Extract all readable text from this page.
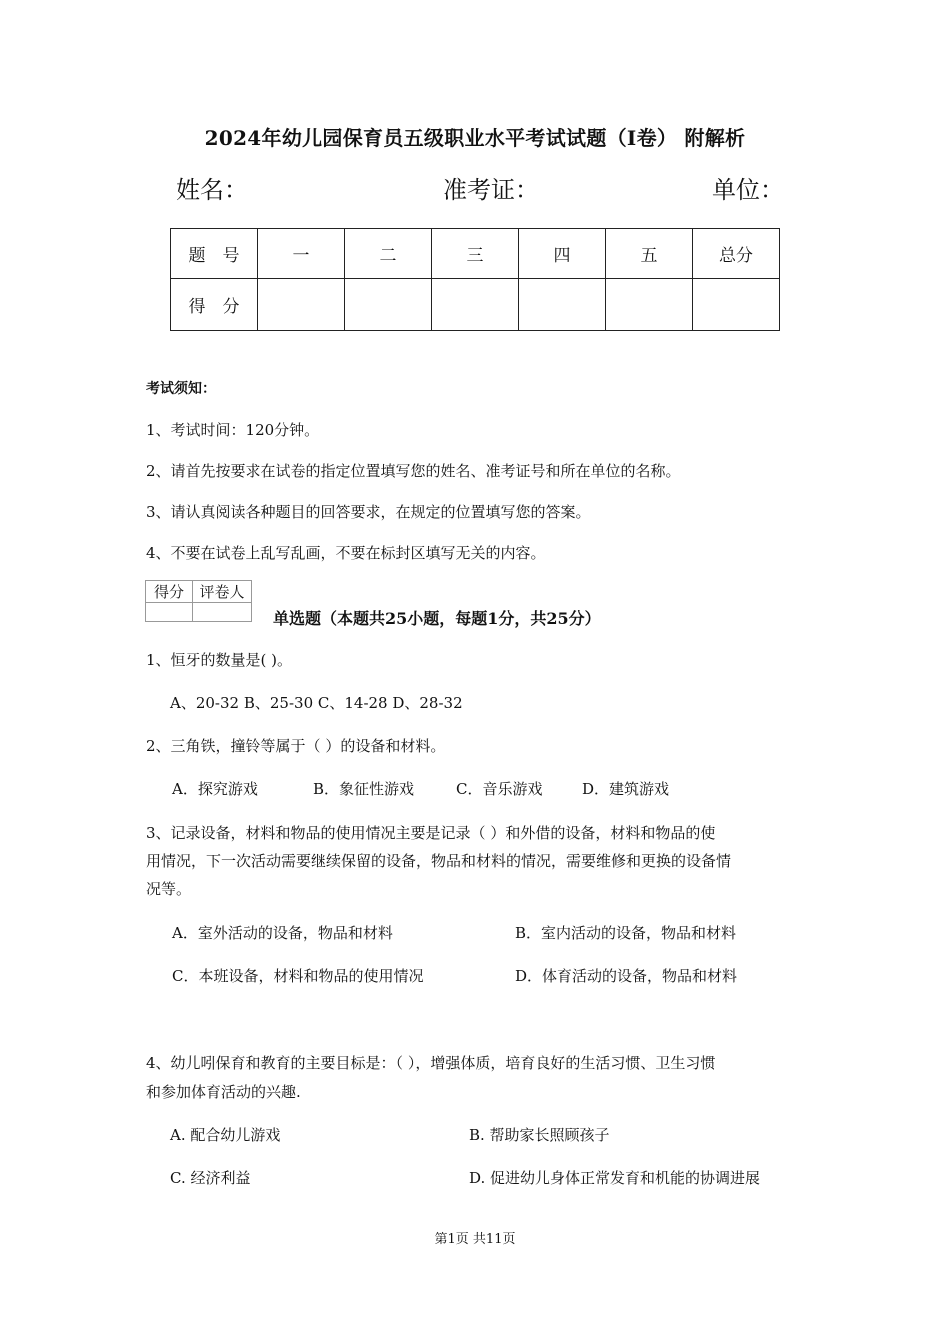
2024年幼儿园保育员五级职业水平考试试题（I卷） 附解析
姓名：	准考证：	单位：
题　号	一	二	三	四	五	总分
得　分						
考试须知：
1、考试时间：120分钟。
2、请首先按要求在试卷的指定位置填写您的姓名、准考证号和所在单位的名称。
3、请认真阅读各种题目的回答要求，在规定的位置填写您的答案。
4、不要在试卷上乱写乱画，不要在标封区填写无关的内容。
得分	评卷人

单选题（本题共25小题，每题1分，共25分）
1、恒牙的数量是( )。
A、20-32 B、25-30 C、14-28 D、28-32
2、三角铁，撞铃等属于（ ）的设备和材料。
A．探究游戏	B．象征性游戏	C．音乐游戏	D．建筑游戏
3、记录设备，材料和物品的使用情况主要是记录（ ）和外借的设备，材料和物品的使
用情况，下一次活动需要继续保留的设备，物品和材料的情况，需要维修和更换的设备情
况等。
A．室外活动的设备，物品和材料	B．室内活动的设备，物品和材料
C．本班设备，材料和物品的使用情况	D．体育活动的设备，物品和材料
4、幼儿吲保育和教育的主要目标是：（ ），增强体质，培育良好的生活习惯、卫生习惯
和参加体育活动的兴趣.
A. 配合幼儿游戏	B. 帮助家长照顾孩子
C. 经济利益	D. 促进幼儿身体正常发育和机能的协调进展
第1页 共11页
